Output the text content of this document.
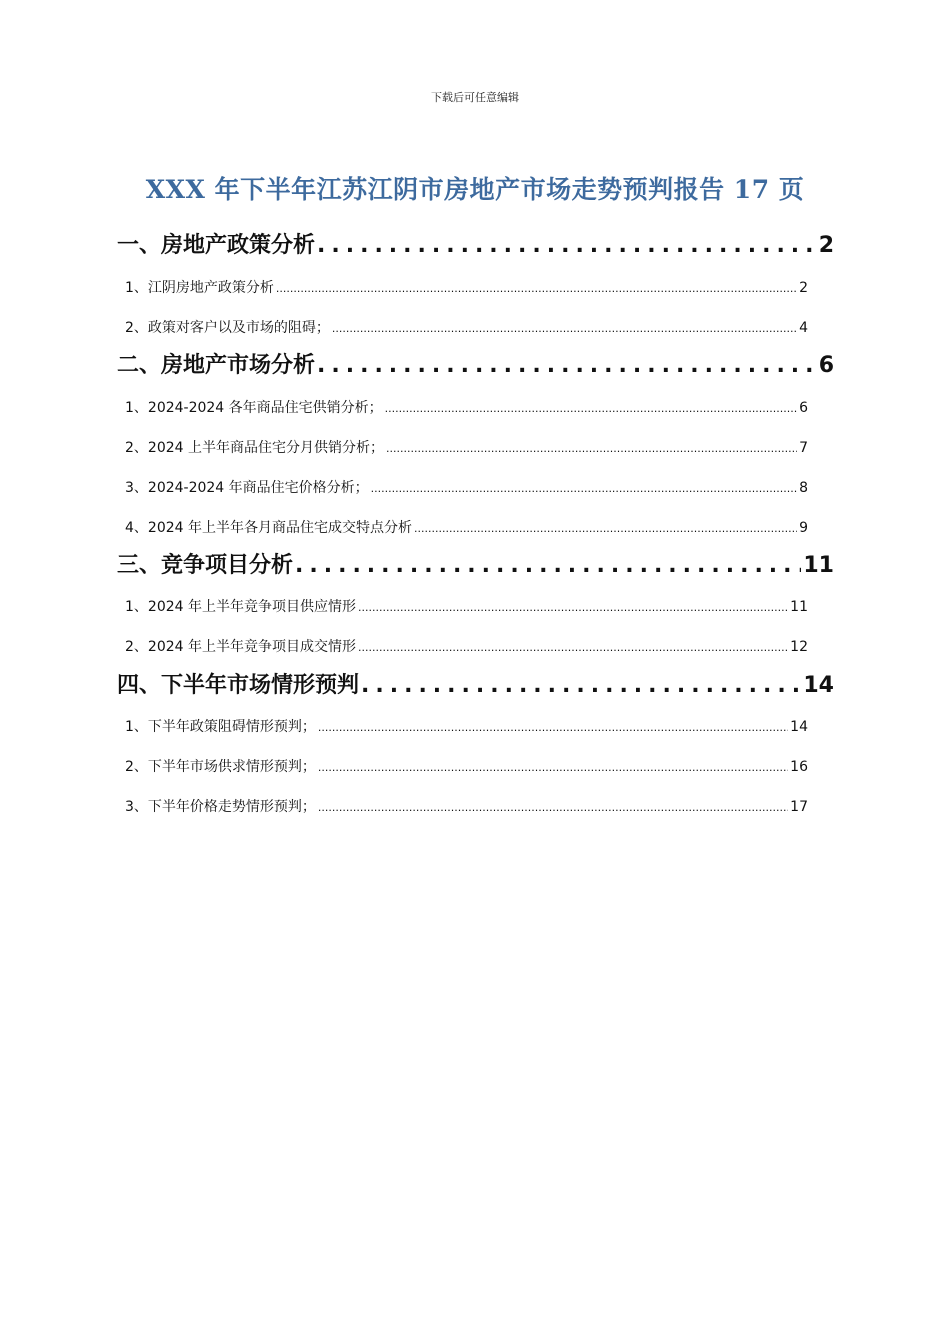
下载后可任意编辑
XXX 年下半年江苏江阴市房地产市场走势预判报告 17 页
一、房地产政策分析 .....	2
1、江阴房地产政策分析 .....	2
2、政策对客户以及市场的阻碍； .....	4
二、房地产市场分析 .....	6
1、2024-2024 各年商品住宅供销分析； .....	6
2、2024 上半年商品住宅分月供销分析； .....	7
3、2024-2024 年商品住宅价格分析； .....	8
4、2024 年上半年各月商品住宅成交特点分析 .....	9
三、竞争项目分析 .....	11
1、2024 年上半年竞争项目供应情形 .....	11
2、2024 年上半年竞争项目成交情形 .....	12
四、下半年市场情形预判 .....	14
1、下半年政策阻碍情形预判； .....	14
2、下半年市场供求情形预判； .....	16
3、下半年价格走势情形预判； .....	17
